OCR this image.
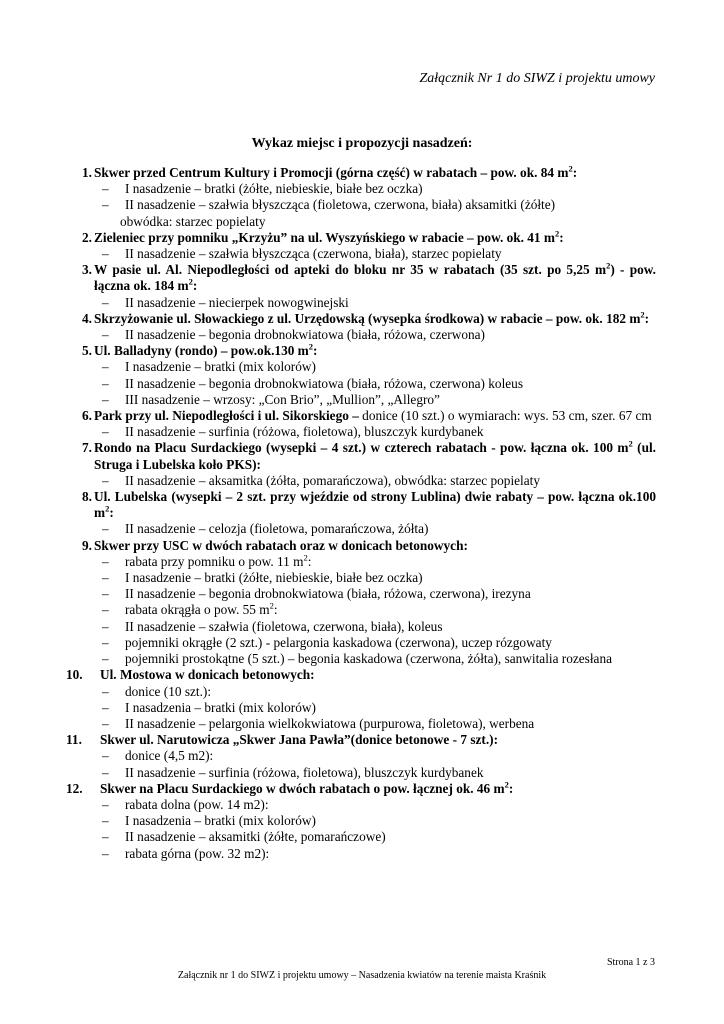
Załącznik Nr 1 do SIWZ i projektu umowy
Wykaz miejsc i propozycji nasadzeń:
1. Skwer przed Centrum Kultury i Promocji (górna część) w rabatach – pow. ok. 84 $m^2$:
– I nasadzenie – bratki (żółte, niebieskie, białe bez oczka)
– II nasadzenie – szałwia błyszcząca (fioletowa, czerwona, biała) aksamitki (żółte)
obwódka: starzec popielaty
2. Zieleniec przy pomniku „Krzyżu” na ul. Wyszyńskiego w rabacie – pow. ok. 41 $m^2$:
– II nasadzenie – szałwia błyszcząca (czerwona, biała), starzec popielaty
3. W pasie ul. Al. Niepodległości od apteki do bloku nr 35 w rabatach (35 szt. po 5,25 $m^2$) - pow. łączna ok. 184 $m^2$:
– II nasadzenie – niecierpek nowogwinejski
4. Skrzyżowanie ul. Słowackiego z ul. Urzędowską (wysepka środkowa) w rabacie – pow. ok. 182 $m^2$:
– II nasadzenie – begonia drobnokwiatowa (biała, różowa, czerwona)
5. Ul. Balladyny (rondo) – pow.ok.130 $m^2$:
– I nasadzenie – bratki (mix kolorów)
– II nasadzenie – begonia drobnokwiatowa (biała, różowa, czerwona) koleus
– III nasadzenie – wrzosy: „Con Brio”, „Mullion”, „Allegro”
6. Park przy ul. Niepodległości i ul. Sikorskiego – donice (10 szt.) o wymiarach: wys. 53 cm, szer. 67 cm
– II nasadzenie – surfinia (różowa, fioletowa), bluszczyk kurdybanek
7. Rondo na Placu Surdackiego (wysepki – 4 szt.) w czterech rabatach - pow. łączna ok. 100 $m^2$ (ul. Struga i Lubelska koło PKS):
– II nasadzenie – aksamitka (żółta, pomarańczowa), obwódka: starzec popielaty
8. Ul. Lubelska (wysepki – 2 szt. przy wjeździe od strony Lublina) dwie rabaty – pow. łączna ok.100 $m^2$:
– II nasadzenie – celozja (fioletowa, pomarańczowa, żółta)
9. Skwer przy USC w dwóch rabatach oraz w donicach betonowych:
– rabata przy pomniku o pow. 11 $m^2$:
– I nasadzenie – bratki (żółte, niebieskie, białe bez oczka)
– II nasadzenie – begonia drobnokwiatowa (biała, różowa, czerwona), irezyna
– rabata okrągła o pow. 55 $m^2$:
– II nasadzenie – szałwia (fioletowa, czerwona, biała), koleus
– pojemniki okrągłe (2 szt.) - pelargonia kaskadowa (czerwona), uczep rózgowaty
– pojemniki prostokątne (5 szt.) – begonia kaskadowa (czerwona, żółta), sanwitalia rozesłana
10. Ul. Mostowa w donicach betonowych:
– donice (10 szt.):
– I nasadzenia – bratki (mix kolorów)
– II nasadzenie – pelargonia wielkokwiatowa (purpurowa, fioletowa), werbena
11. Skwer ul. Narutowicza „Skwer Jana Pawła”(donice betonowe - 7 szt.):
– donice (4,5 m2):
– II nasadzenie – surfinia (różowa, fioletowa), bluszczyk kurdybanek
12. Skwer na Placu Surdackiego w dwóch rabatach o pow. łącznej ok. 46 $m^2$:
– rabata dolna (pow. 14 m2):
– I nasadzenia – bratki (mix kolorów)
– II nasadzenie – aksamitki (żółte, pomarańczowe)
– rabata górna (pow. 32 m2):
Strona 1 z 3
Załącznik nr 1 do SIWZ i projektu umowy – Nasadzenia kwiatów na terenie maista Kraśnik
